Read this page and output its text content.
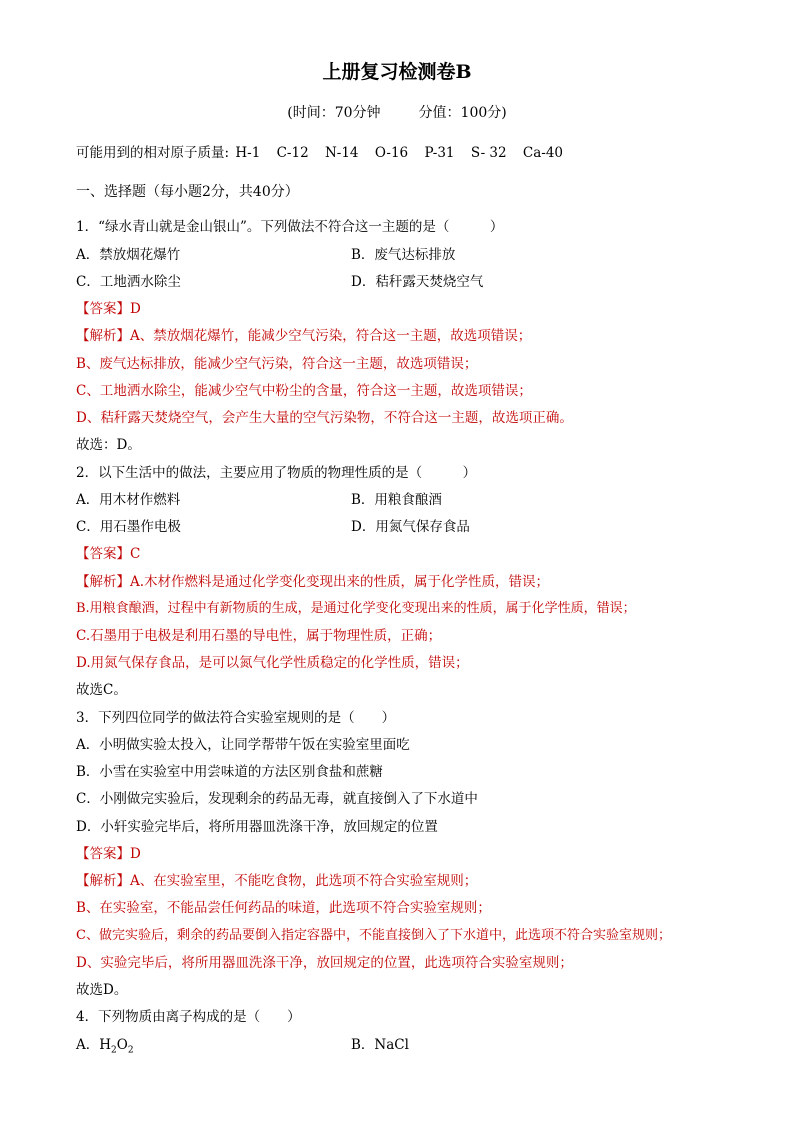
上册复习检测卷B
(时间：70分钟	分值：100分)
可能用到的相对原子质量: H-1 C-12 N-14 O-16 P-31 S- 32 Ca-40
一、选择题（每小题2分，共40分）
1．“绿水青山就是金山银山”。下列做法不符合这一主题的是（　　　）
A．禁放烟花爆竹	B．废气达标排放
C．工地洒水除尘	D．秸秆露天焚烧空气
【答案】D
【解析】A、禁放烟花爆竹，能减少空气污染，符合这一主题，故选项错误；
B、废气达标排放，能减少空气污染，符合这一主题，故选项错误；
C、工地洒水除尘，能减少空气中粉尘的含量，符合这一主题，故选项错误；
D、秸秆露天焚烧空气，会产生大量的空气污染物，不符合这一主题，故选项正确。
故选：D。
2．以下生活中的做法，主要应用了物质的物理性质的是（　　　）
A．用木材作燃料	B．用粮食酿酒
C．用石墨作电极	D．用氮气保存食品
【答案】C
【解析】A.木材作燃料是通过化学变化变现出来的性质，属于化学性质，错误；
B.用粮食酿酒，过程中有新物质的生成，是通过化学变化变现出来的性质，属于化学性质，错误；
C.石墨用于电极是利用石墨的导电性，属于物理性质，正确；
D.用氮气保存食品，是可以氮气化学性质稳定的化学性质，错误；
故选C。
3．下列四位同学的做法符合实验室规则的是（　　）
A．小明做实验太投入，让同学帮带午饭在实验室里面吃
B．小雪在实验室中用尝味道的方法区别食盐和蔗糖
C．小刚做完实验后，发现剩余的药品无毒，就直接倒入了下水道中
D．小轩实验完毕后，将所用器皿洗涤干净，放回规定的位置
【答案】D
【解析】A、在实验室里，不能吃食物，此选项不符合实验室规则；
B、在实验室，不能品尝任何药品的味道，此选项不符合实验室规则；
C、做完实验后，剩余的药品要倒入指定容器中，不能直接倒入了下水道中，此选项不符合实验室规则；
D、实验完毕后，将所用器皿洗涤干净，放回规定的位置，此选项符合实验室规则；
故选D。
4．下列物质由离子构成的是（　　）
A．$H_2O_2$	B．NaCl
